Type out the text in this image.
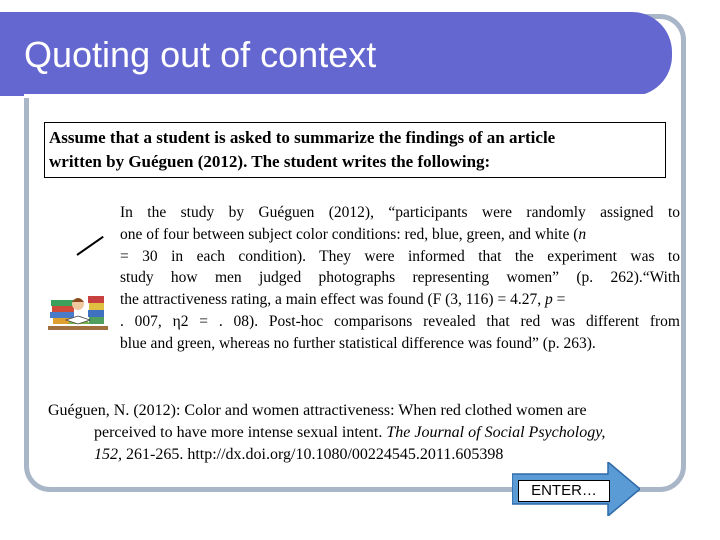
Quoting out of context
Assume that a student is asked to summarize the findings of an article
written by Guéguen (2012). The student writes the following:
In the study by Guéguen (2012), “participants were randomly assigned to
one of four between subject color conditions: red, blue, green, and white (n
= 30 in each condition). They were informed that the experiment was to
study how men judged photographs representing women” (p. 262).“With
the attractiveness rating, a main effect was found (F (3, 116) = 4.27, p =
. 007, η2 = . 08). Post-hoc comparisons revealed that red was different from
blue and green, whereas no further statistical difference was found” (p. 263).
Guéguen, N. (2012): Color and women attractiveness: When red clothed women are
perceived to have more intense sexual intent. The Journal of Social Psychology,
152, 261-265. http://dx.doi.org/10.1080/00224545.2011.605398
ENTER…
